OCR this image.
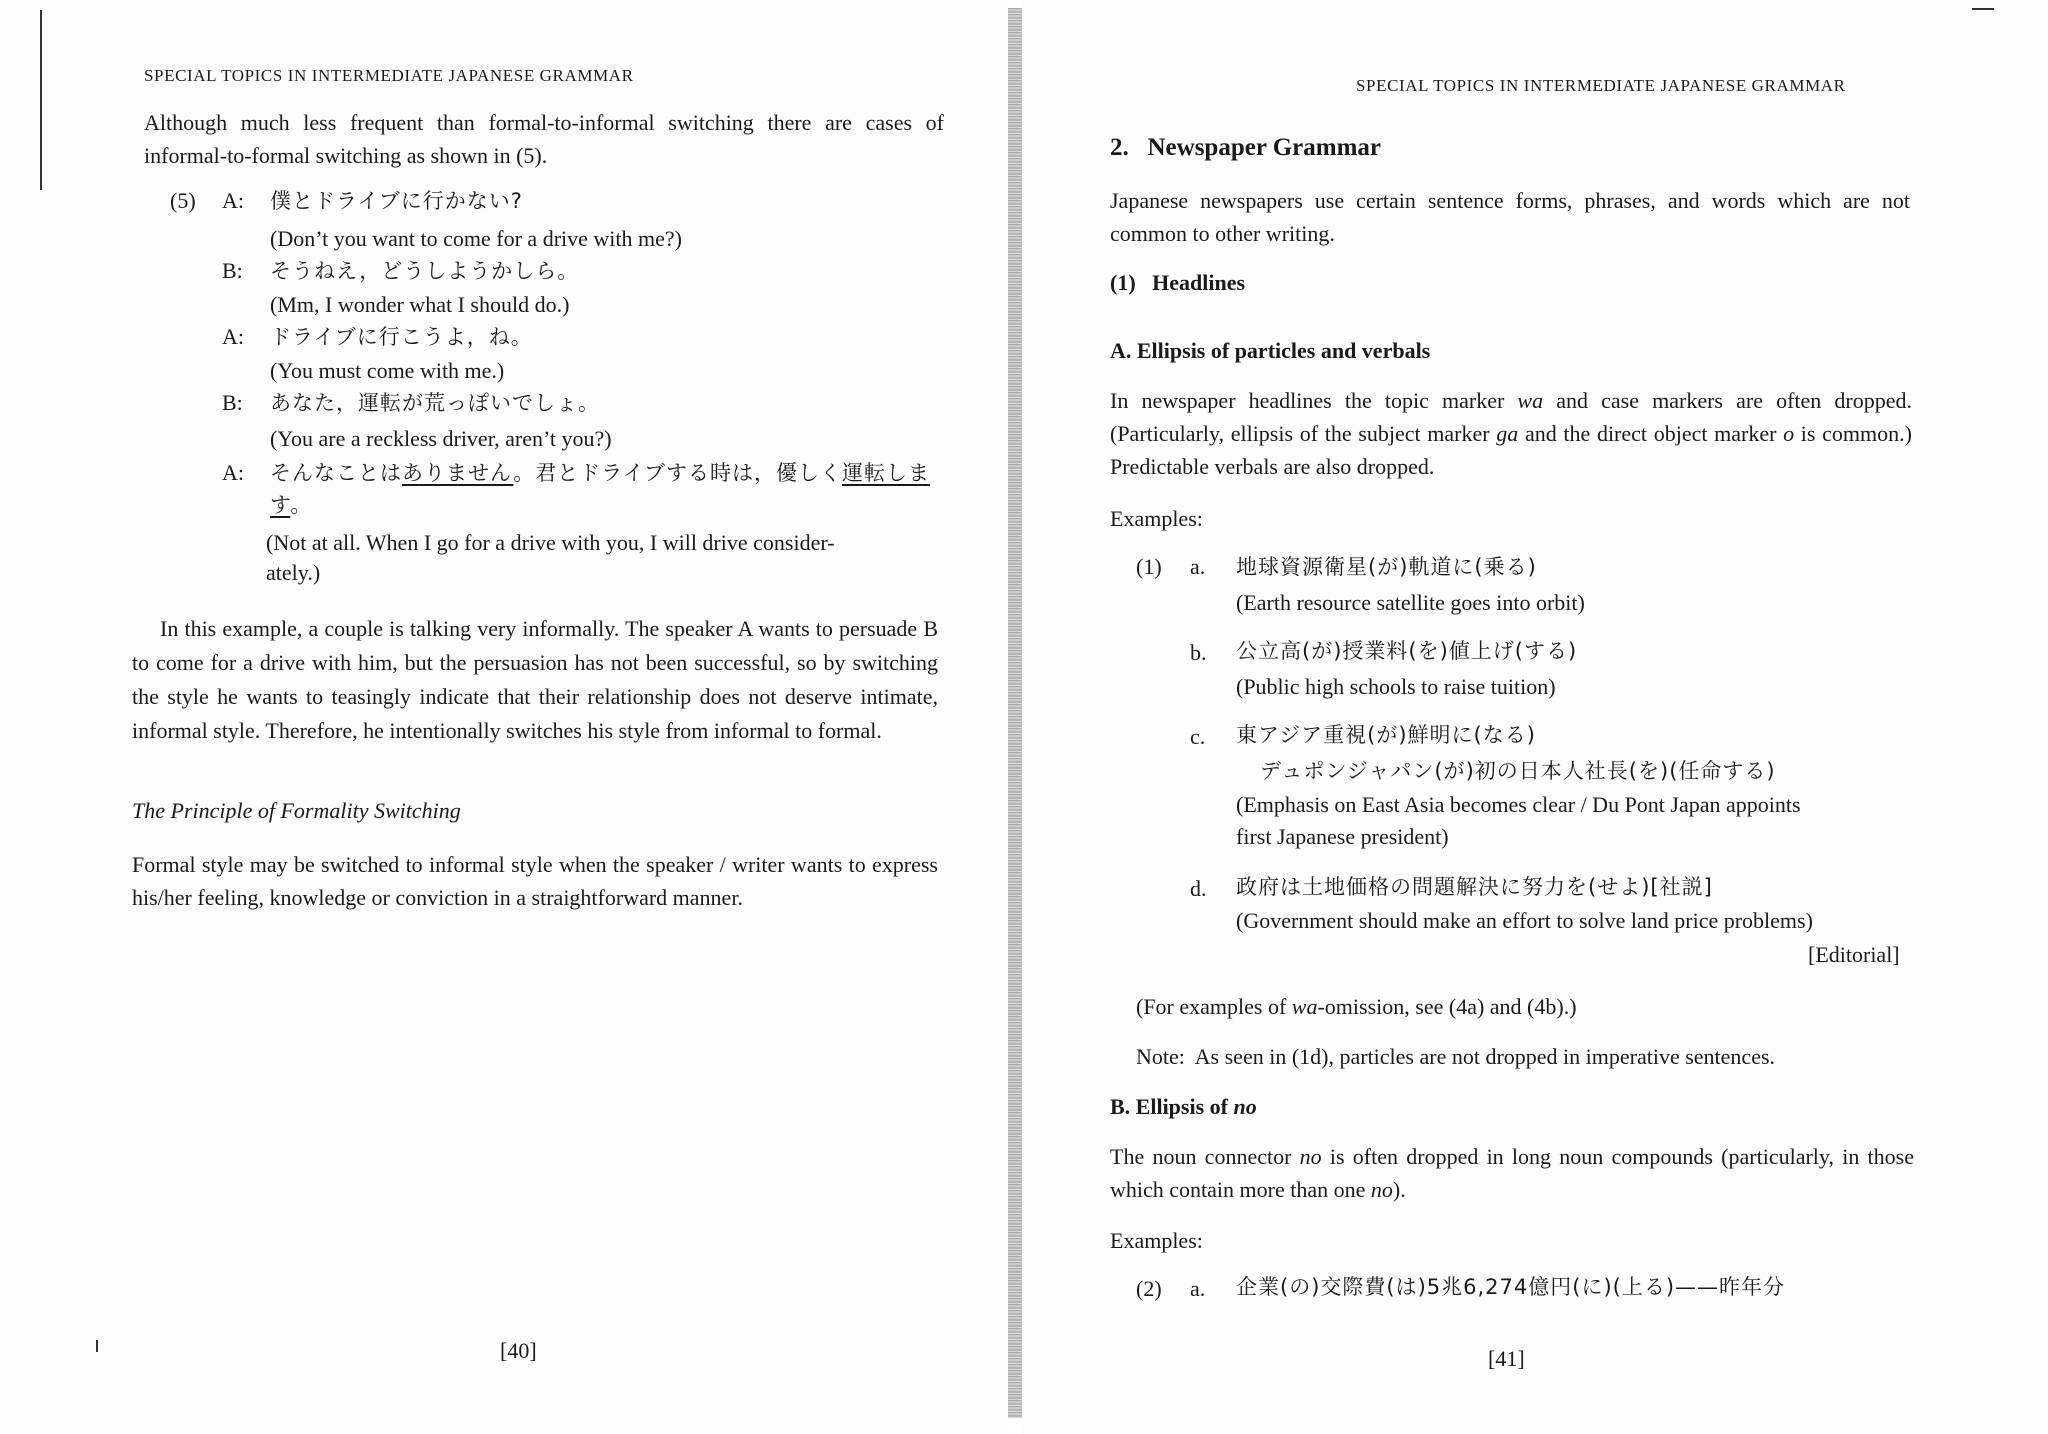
SPECIAL TOPICS IN INTERMEDIATE JAPANESE GRAMMAR
Although much less frequent than formal-to-informal switching there are cases of informal-to-formal switching as shown in (5).
(5) A: 僕とドライブに行かない?
(Don’t you want to come for a drive with me?)
B: そうねえ，どうしようかしら。
(Mm, I wonder what I should do.)
A: ドライブに行こうよ，ね。
(You must come with me.)
B: あなた，運転が荒っぽいでしょ。
(You are a reckless driver, aren’t you?)
A: そんなことはありません。君とドライブする時は，優しく運転しま
す。
(Not at all. When I go for a drive with you, I will drive consider-
ately.)
In this example, a couple is talking very informally. The speaker A wants to persuade B to come for a drive with him, but the persuasion has not been successful, so by switching the style he wants to teasingly indicate that their relationship does not deserve intimate, informal style. Therefore, he intentionally switches his style from informal to formal.
The Principle of Formality Switching
Formal style may be switched to informal style when the speaker / writer wants to express his/her feeling, knowledge or conviction in a straightforward manner.
[40]
SPECIAL TOPICS IN INTERMEDIATE JAPANESE GRAMMAR
2.   Newspaper Grammar
Japanese newspapers use certain sentence forms, phrases, and words which are not common to other writing.
(1)   Headlines
A. Ellipsis of particles and verbals
In newspaper headlines the topic marker wa and case markers are often dropped. (Particularly, ellipsis of the subject marker ga and the direct object marker o is common.) Predictable verbals are also dropped.
Examples:
(1) a. 地球資源衛星(が)軌道に(乗る)
(Earth resource satellite goes into orbit)
b. 公立高(が)授業料(を)値上げ(する)
(Public high schools to raise tuition)
c. 東アジア重視(が)鮮明に(なる)
デュポンジャパン(が)初の日本人社長(を)(任命する)
(Emphasis on East Asia becomes clear / Du Pont Japan appoints
first Japanese president)
d. 政府は土地価格の問題解決に努力を(せよ)[社説]
(Government should make an effort to solve land price problems)
[Editorial]
(For examples of wa-omission, see (4a) and (4b).)
Note:  As seen in (1d), particles are not dropped in imperative sentences.
B. Ellipsis of no
The noun connector no is often dropped in long noun compounds (particularly, in those which contain more than one no).
Examples:
(2) a. 企業(の)交際費(は)5兆6,274億円(に)(上る)——昨年分
[41]
